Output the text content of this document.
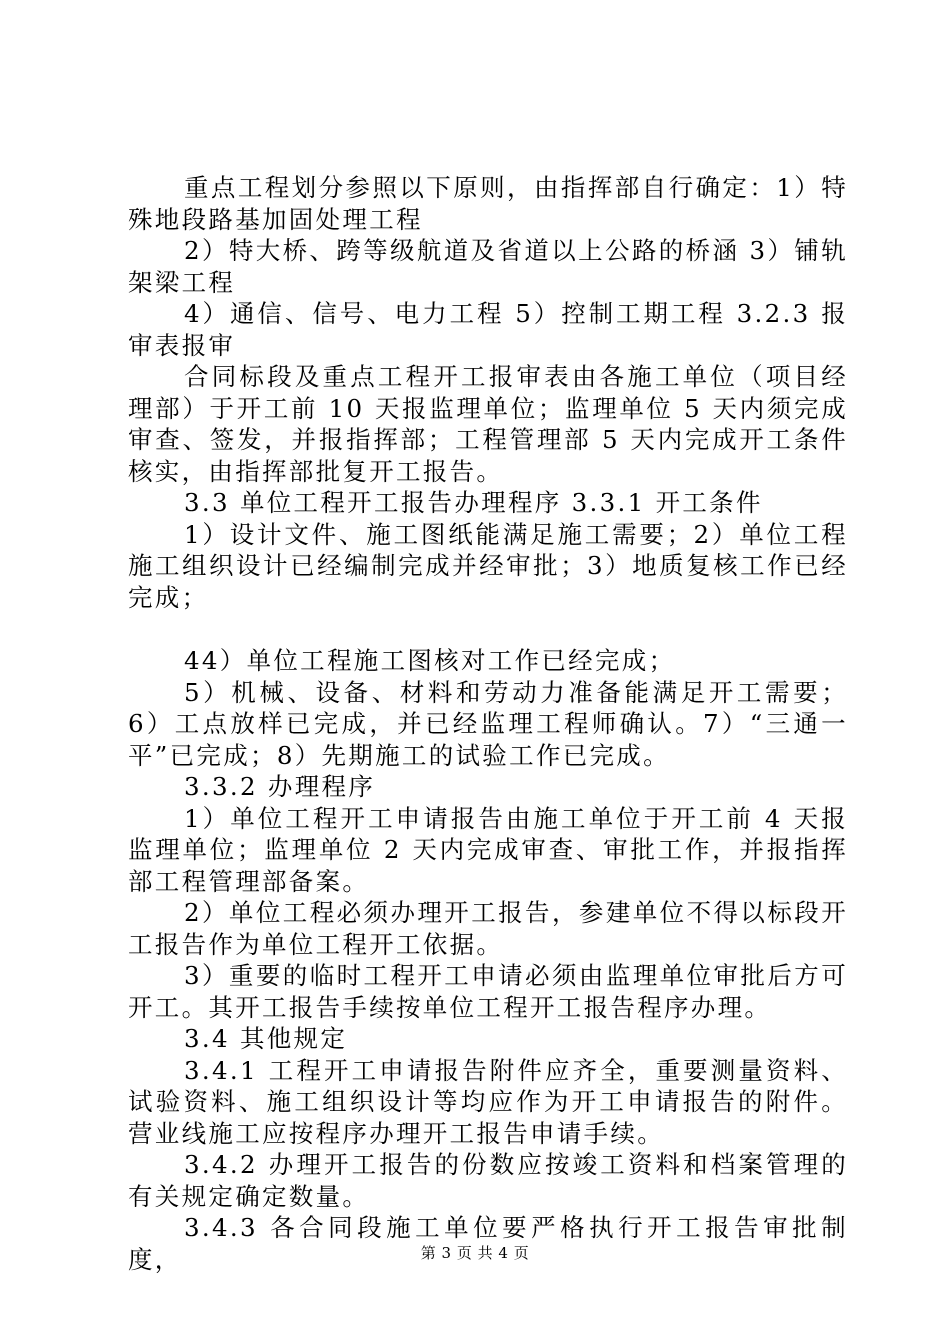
重点工程划分参照以下原则，由指挥部自行确定：1）特殊地段路基加固处理工程

2）特大桥、跨等级航道及省道以上公路的桥涵 3）铺轨架梁工程

4）通信、信号、电力工程 5）控制工期工程 3.2.3 报审表报审

合同标段及重点工程开工报审表由各施工单位（项目经理部）于开工前 10 天报监理单位；监理单位 5 天内须完成审查、签发，并报指挥部；工程管理部 5 天内完成开工条件核实，由指挥部批复开工报告。

3.3 单位工程开工报告办理程序 3.3.1 开工条件

1）设计文件、施工图纸能满足施工需要；2）单位工程施工组织设计已经编制完成并经审批；3）地质复核工作已经完成；

44）单位工程施工图核对工作已经完成；

5）机械、设备、材料和劳动力准备能满足开工需要；6）工点放样已完成，并已经监理工程师确认。7）“三通一平”已完成；8）先期施工的试验工作已完成。

3.3.2 办理程序

1）单位工程开工申请报告由施工单位于开工前 4 天报监理单位；监理单位 2 天内完成审查、审批工作，并报指挥部工程管理部备案。

2）单位工程必须办理开工报告，参建单位不得以标段开工报告作为单位工程开工依据。

3）重要的临时工程开工申请必须由监理单位审批后方可开工。其开工报告手续按单位工程开工报告程序办理。

3.4 其他规定

3.4.1 工程开工申请报告附件应齐全，重要测量资料、试验资料、施工组织设计等均应作为开工申请报告的附件。营业线施工应按程序办理开工报告申请手续。

3.4.2 办理开工报告的份数应按竣工资料和档案管理的有关规定确定数量。

3.4.3 各合同段施工单位要严格执行开工报告审批制度，	第 3 页 共 4 页
